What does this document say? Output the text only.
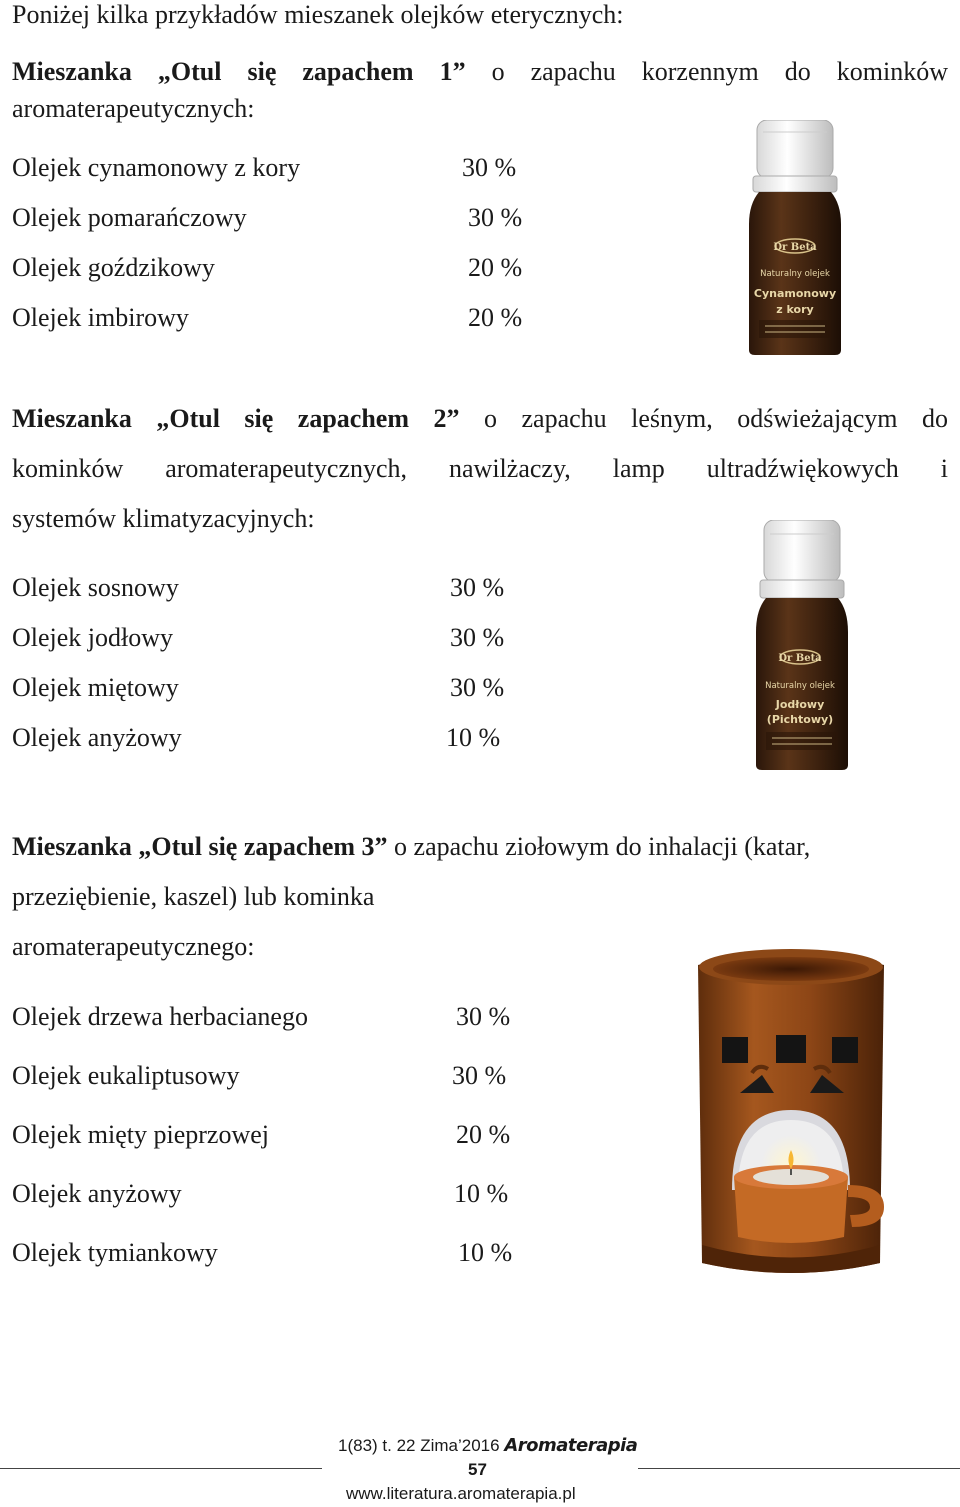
Poniżej kilka przykładów mieszanek olejków eterycznych:
Mieszanka „Otul się zapachem 1” o zapachu korzennym do kominków
aromaterapeutycznych:
Olejek cynamonowy z kory	30 %
Olejek pomarańczowy	30 %
Olejek goździkowy	20 %
Olejek imbirowy	20 %
Dr Beta
Naturalny olejek
Cynamonowy
z kory
Mieszanka „Otul się zapachem 2” o zapachu leśnym, odświeżającym do
kominków aromaterapeutycznych, nawilżaczy, lamp ultradźwiękowych i
systemów klimatyzacyjnych:
Olejek sosnowy	30 %
Olejek jodłowy	30 %
Olejek miętowy	30 %
Olejek anyżowy	10 %
Dr Beta
Naturalny olejek
Jodłowy
(Pichtowy)
Mieszanka „Otul się zapachem 3” o zapachu ziołowym do inhalacji (katar,
przeziębienie, kaszel) lub kominka
aromaterapeutycznego:
Olejek drzewa herbacianego	30 %
Olejek eukaliptusowy	30 %
Olejek mięty pieprzowej	20 %
Olejek anyżowy	10 %
Olejek tymiankowy	10 %
1(83) t. 22 Zima’2016 Aromaterapia
57
www.literatura.aromaterapia.pl
